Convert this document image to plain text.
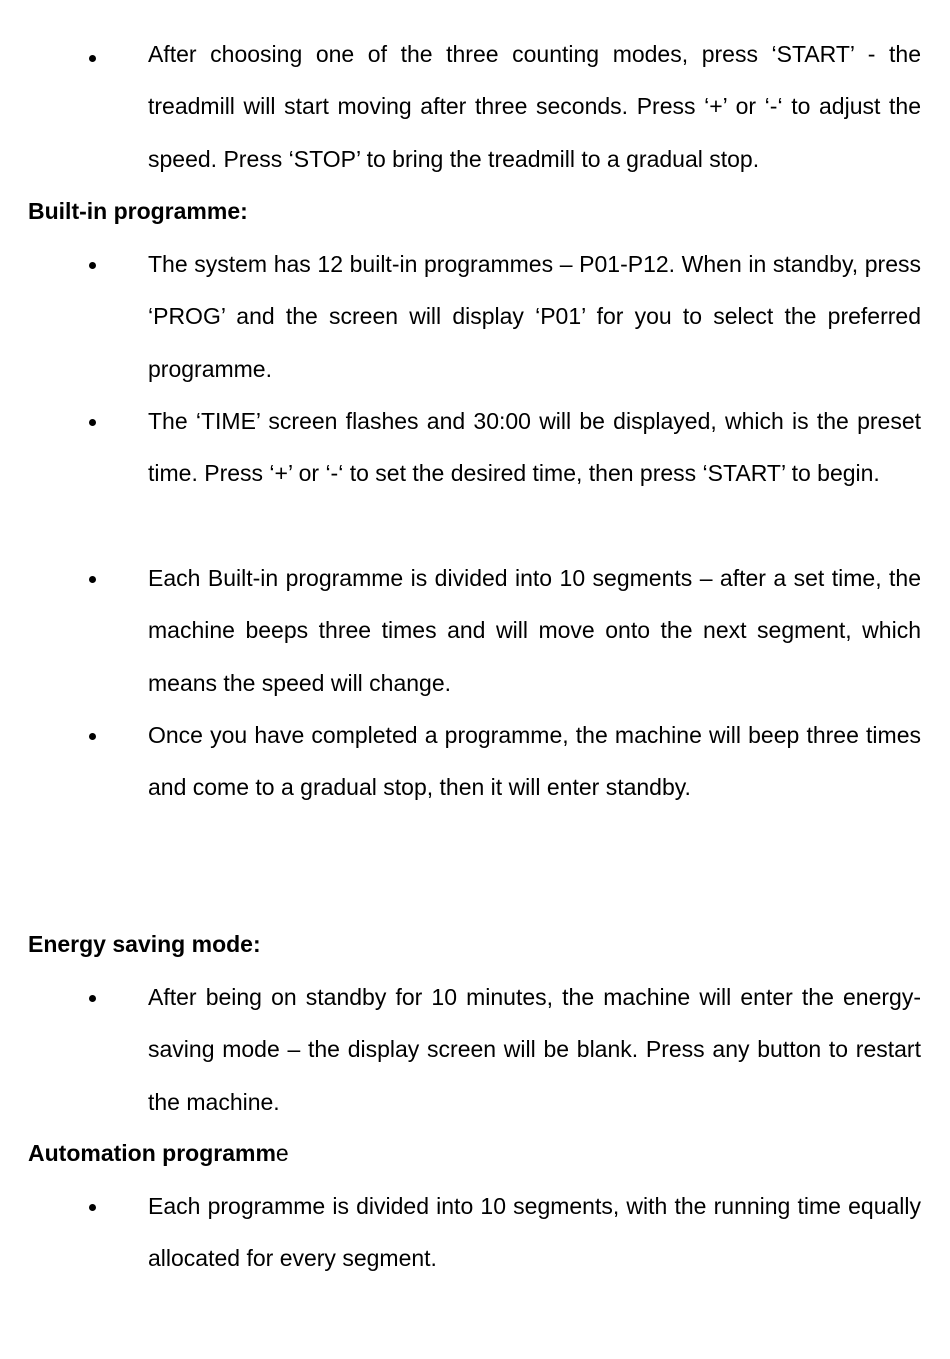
After choosing one of the three counting modes, press ‘START’ - the treadmill will start moving after three seconds. Press ‘+’ or ‘-‘ to adjust the speed. Press ‘STOP’ to bring the treadmill to a gradual stop.

Built-in programme:

The system has 12 built-in programmes – P01-P12. When in standby, press ‘PROG’ and the screen will display ‘P01’ for you to select the preferred programme.

The ‘TIME’ screen flashes and 30:00 will be displayed, which is the preset time. Press ‘+’ or ‘-‘ to set the desired time, then press ‘START’ to begin.

Each Built-in programme is divided into 10 segments – after a set time, the machine beeps three times and will move onto the next segment, which means the speed will change.

Once you have completed a programme, the machine will beep three times and come to a gradual stop, then it will enter standby.

Energy saving mode:

After being on standby for 10 minutes, the machine will enter the energy-saving mode – the display screen will be blank. Press any button to restart the machine.

Automation programme

Each programme is divided into 10 segments, with the running time equally allocated for every segment.
